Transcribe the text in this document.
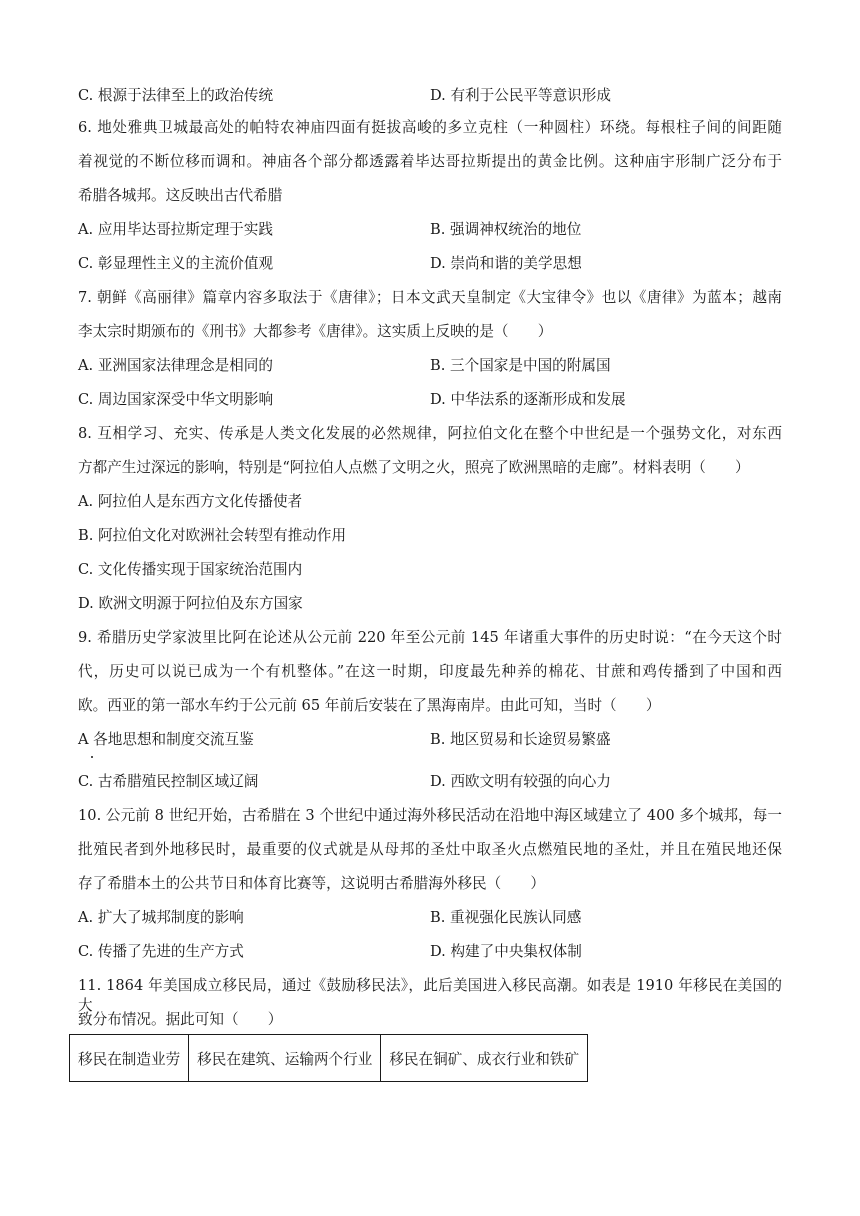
C. 根源于法律至上的政治传统	D. 有利于公民平等意识形成
6. 地处雅典卫城最高处的帕特农神庙四面有挺拔高峻的多立克柱（一种圆柱）环绕。每根柱子间的间距随
着视觉的不断位移而调和。神庙各个部分都透露着毕达哥拉斯提出的黄金比例。这种庙宇形制广泛分布于
希腊各城邦。这反映出古代希腊
A. 应用毕达哥拉斯定理于实践	B. 强调神权统治的地位
C. 彰显理性主义的主流价值观	D. 崇尚和谐的美学思想
7. 朝鲜《高丽律》篇章内容多取法于《唐律》；日本文武天皇制定《大宝律令》也以《唐律》为蓝本；越南
李太宗时期颁布的《刑书》大都参考《唐律》。这实质上反映的是（　　）
A. 亚洲国家法律理念是相同的	B. 三个国家是中国的附属国
C. 周边国家深受中华文明影响	D. 中华法系的逐渐形成和发展
8. 互相学习、充实、传承是人类文化发展的必然规律，阿拉伯文化在整个中世纪是一个强势文化，对东西
方都产生过深远的影响，特别是“阿拉伯人点燃了文明之火，照亮了欧洲黑暗的走廊”。材料表明（　　）
A. 阿拉伯人是东西方文化传播使者
B. 阿拉伯文化对欧洲社会转型有推动作用
C. 文化传播实现于国家统治范围内
D. 欧洲文明源于阿拉伯及东方国家
9. 希腊历史学家波里比阿在论述从公元前 220 年至公元前 145 年诸重大事件的历史时说：“在今天这个时
代，历史可以说已成为一个有机整体。”在这一时期，印度最先种养的棉花、甘蔗和鸡传播到了中国和西
欧。西亚的第一部水车约于公元前 65 年前后安装在了黑海南岸。由此可知，当时（　　）
A 各地思想和制度交流互鉴	B. 地区贸易和长途贸易繁盛
C. 古希腊殖民控制区域辽阔	D. 西欧文明有较强的向心力
10. 公元前 8 世纪开始，古希腊在 3 个世纪中通过海外移民活动在沿地中海区域建立了 400 多个城邦，每一
批殖民者到外地移民时，最重要的仪式就是从母邦的圣灶中取圣火点燃殖民地的圣灶，并且在殖民地还保
存了希腊本土的公共节日和体育比赛等，这说明古希腊海外移民（　　）
A. 扩大了城邦制度的影响	B. 重视强化民族认同感
C. 传播了先进的生产方式	D. 构建了中央集权体制
11. 1864 年美国成立移民局，通过《鼓励移民法》，此后美国进入移民高潮。如表是 1910 年移民在美国的大
致分布情况。据此可知（　　）
移民在制造业劳	移民在建筑、运输两个行业	移民在铜矿、成衣行业和铁矿
